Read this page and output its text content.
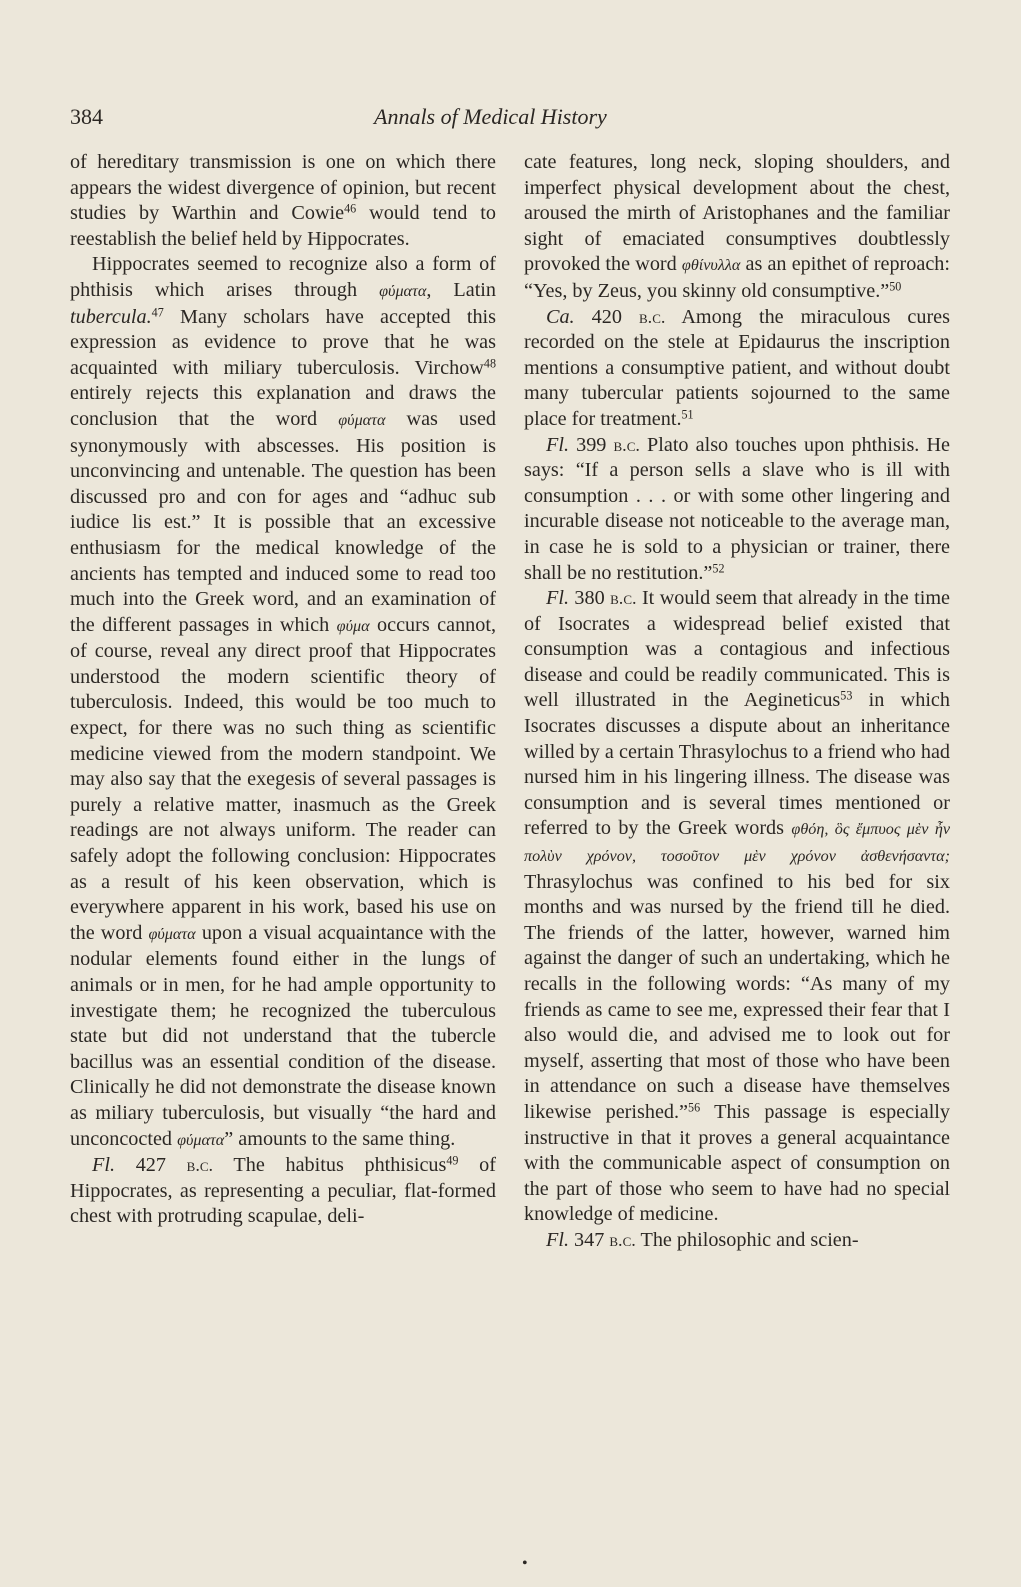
384	Annals of Medical History

of hereditary transmission is one on which there appears the widest divergence of opinion, but recent studies by Warthin and Cowie$^{46}$ would tend to reestablish the belief held by Hippocrates.

Hippocrates seemed to recognize also a form of phthisis which arises through φύματα, Latin tubercula.$^{47}$ Many scholars have accepted this expression as evidence to prove that he was acquainted with miliary tuberculosis. Virchow$^{48}$ entirely rejects this explanation and draws the conclusion that the word φύματα was used synonymously with abscesses. His position is unconvincing and untenable. The question has been discussed pro and con for ages and “adhuc sub iudice lis est.” It is possible that an excessive enthusiasm for the medical knowledge of the ancients has tempted and induced some to read too much into the Greek word, and an examination of the different passages in which φύμα occurs cannot, of course, reveal any direct proof that Hippocrates understood the modern scientific theory of tuberculosis. Indeed, this would be too much to expect, for there was no such thing as scientific medicine viewed from the modern standpoint. We may also say that the exegesis of several passages is purely a relative matter, inasmuch as the Greek readings are not always uniform. The reader can safely adopt the following conclusion: Hippocrates as a result of his keen observation, which is everywhere apparent in his work, based his use on the word φύματα upon a visual acquaintance with the nodular elements found either in the lungs of animals or in men, for he had ample opportunity to investigate them; he recognized the tuberculous state but did not understand that the tubercle bacillus was an essential condition of the disease. Clinically he did not demonstrate the disease known as miliary tuberculosis, but visually “the hard and unconcocted φύματα” amounts to the same thing.

Fl. 427 b.c. The habitus phthisicus$^{49}$ of Hippocrates, as representing a peculiar, flat-formed chest with protruding scapulae, deli-

cate features, long neck, sloping shoulders, and imperfect physical development about the chest, aroused the mirth of Aristophanes and the familiar sight of emaciated consumptives doubtlessly provoked the word φθίνυλλα as an epithet of reproach: “Yes, by Zeus, you skinny old consumptive.”$^{50}$

Ca. 420 b.c. Among the miraculous cures recorded on the stele at Epidaurus the inscription mentions a consumptive patient, and without doubt many tubercular patients sojourned to the same place for treatment.$^{51}$

Fl. 399 b.c. Plato also touches upon phthisis. He says: “If a person sells a slave who is ill with consumption . . . or with some other lingering and incurable disease not noticeable to the average man, in case he is sold to a physician or trainer, there shall be no restitution.”$^{52}$

Fl. 380 b.c. It would seem that already in the time of Isocrates a widespread belief existed that consumption was a contagious and infectious disease and could be readily communicated. This is well illustrated in the Aegineticus$^{53}$ in which Isocrates discusses a dispute about an inheritance willed by a certain Thrasylochus to a friend who had nursed him in his lingering illness. The disease was consumption and is several times mentioned or referred to by the Greek words φθόη, ὃς ἔμπυος μὲν ἦν πολὺν χρόνον, τοσοῦτον μὲν χρόνον ἀσθενήσαντα; Thrasylochus was confined to his bed for six months and was nursed by the friend till he died. The friends of the latter, however, warned him against the danger of such an undertaking, which he recalls in the following words: “As many of my friends as came to see me, expressed their fear that I also would die, and advised me to look out for myself, asserting that most of those who have been in attendance on such a disease have themselves likewise perished.”$^{56}$ This passage is especially instructive in that it proves a general acquaintance with the communicable aspect of consumption on the part of those who seem to have had no special knowledge of medicine.

Fl. 347 b.c. The philosophic and scien-

•
